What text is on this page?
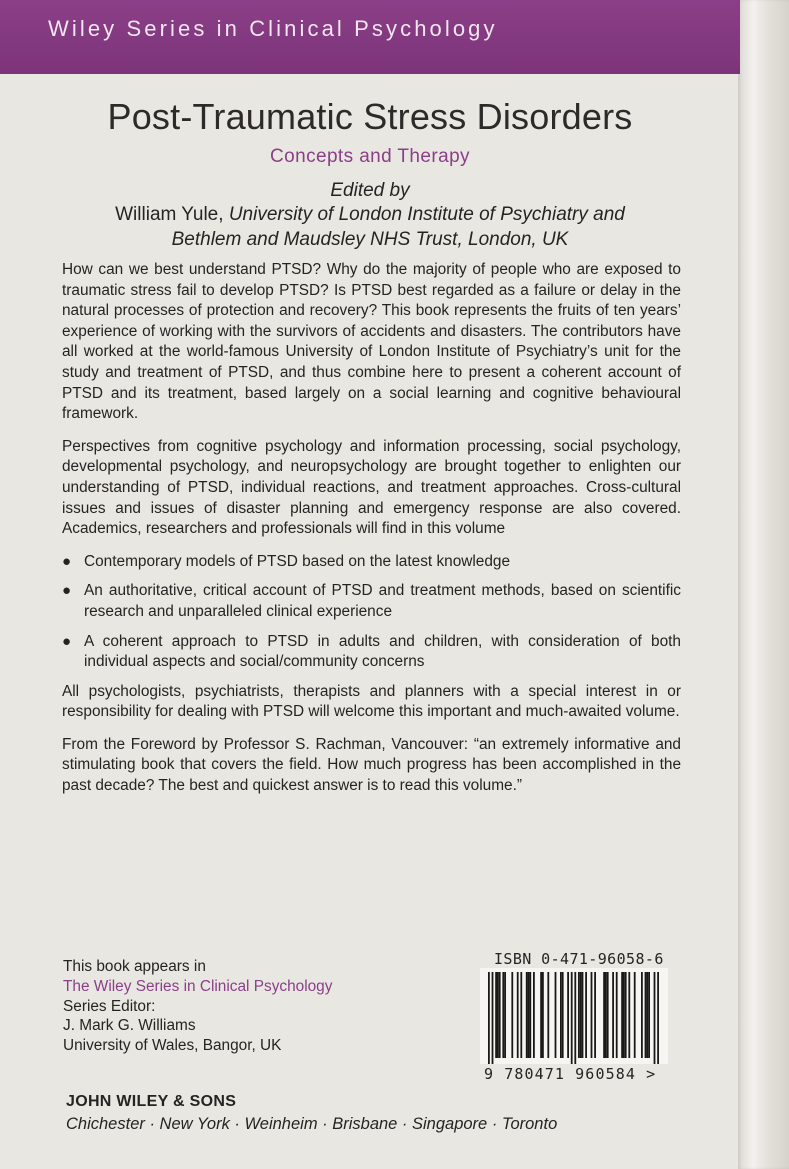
Wiley Series in Clinical Psychology
Post-Traumatic Stress Disorders
Concepts and Therapy
Edited by
William Yule, University of London Institute of Psychiatry and
Bethlem and Maudsley NHS Trust, London, UK

How can we best understand PTSD? Why do the majority of people who are exposed to traumatic stress fail to develop PTSD? Is PTSD best regarded as a failure or delay in the natural processes of protection and recovery? This book represents the fruits of ten years’ experience of working with the survivors of accidents and disasters. The contributors have all worked at the world-famous University of London Institute of Psychiatry’s unit for the study and treatment of PTSD, and thus combine here to present a coherent account of PTSD and its treatment, based largely on a social learning and cognitive behavioural framework.

Perspectives from cognitive psychology and information processing, social psychology, developmental psychology, and neuropsychology are brought together to enlighten our understanding of PTSD, individual reactions, and treatment approaches. Cross-cultural issues and issues of disaster planning and emergency response are also covered. Academics, researchers and professionals will find in this volume

● Contemporary models of PTSD based on the latest knowledge
● An authoritative, critical account of PTSD and treatment methods, based on scientific research and unparalleled clinical experience
● A coherent approach to PTSD in adults and children, with consideration of both individual aspects and social/community concerns

All psychologists, psychiatrists, therapists and planners with a special interest in or responsibility for dealing with PTSD will welcome this important and much-awaited volume.

From the Foreword by Professor S. Rachman, Vancouver: “an extremely informative and stimulating book that covers the field. How much progress has been accomplished in the past decade? The best and quickest answer is to read this volume.”

This book appears in
The Wiley Series in Clinical Psychology
Series Editor:
J. Mark G. Williams
University of Wales, Bangor, UK
ISBN 0-471-96058-6
9 780471 960584 >
JOHN WILEY & SONS
Chichester · New York · Weinheim · Brisbane · Singapore · Toronto
